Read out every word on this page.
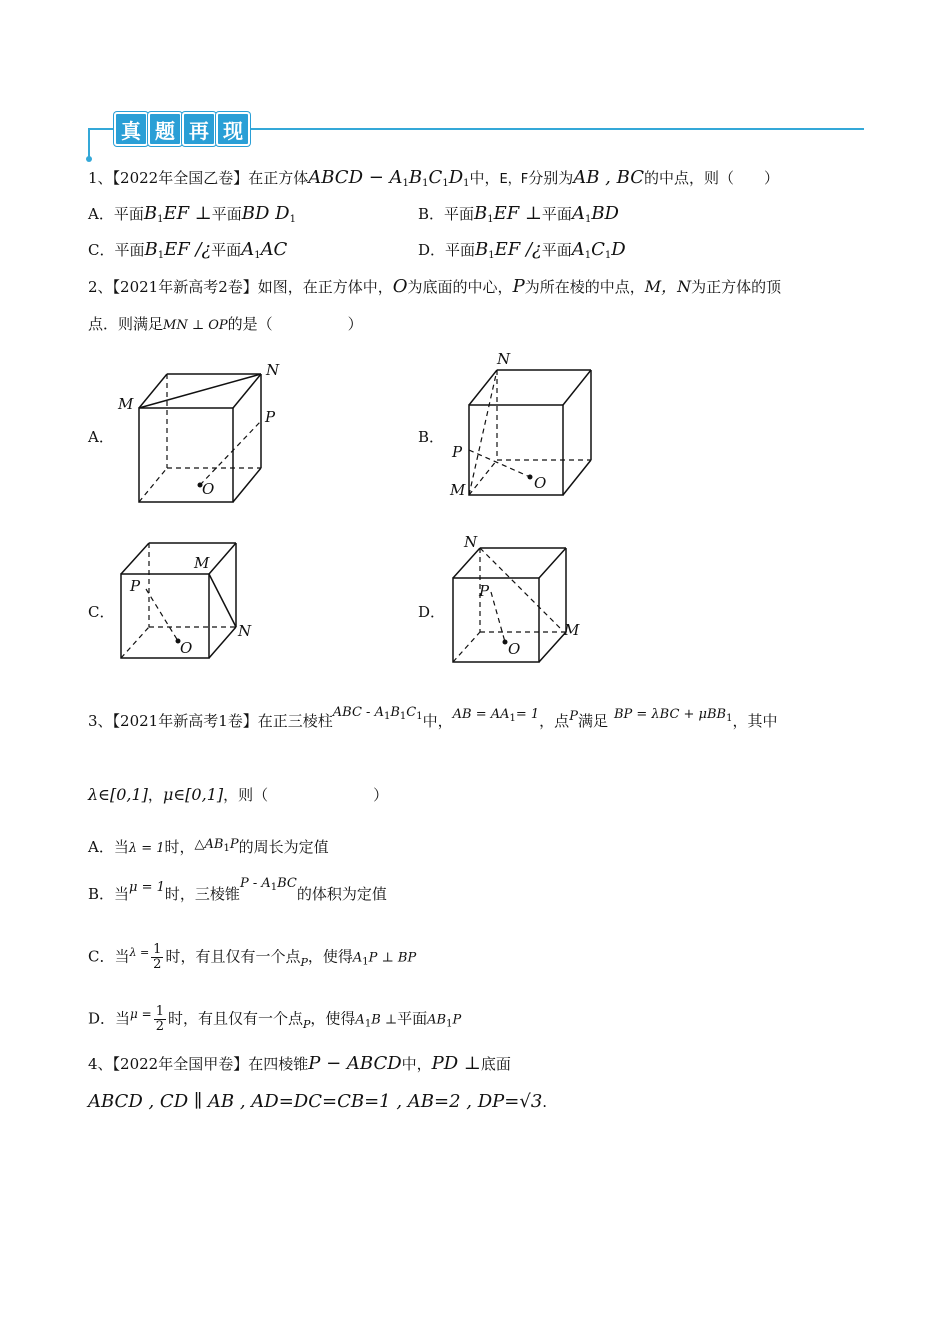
真 题 再 现
1、【2022年全国乙卷】在正方体ABCD − $A_1B_1C_1D_1$中，E，F分别为AB , BC的中点，则（　　）
A．平面$B_1EF$ ⊥平面BD $D_1$	B．平面$B_1EF$ ⊥平面$A_1BD$
C．平面$B_1EF$ /¿平面$A_1AC$	D．平面$B_1EF$ /¿平面$A_1C_1D$
2、【2021年新高考2卷】如图，在正方体中，O为底面的中心，P为所在棱的中点，M，N为正方体的顶
点．则满足MN ⊥ OP的是（　　　　　）
A．
M
N
P
O
B．
M
N
P
O
C．
M
N
P
O
D．
M
N
P
O
3、【2021年新高考1卷】在正三棱柱ABC - $A_1B_1C_1$中，AB = $AA_1= 1$，点P满足 BP = λBC + μBB$_1$，其中
λ∈[0,1]，μ∈[0,1]，则（　　　　　　　）
A．当λ = 1时，$\triangle AB_1P$的周长为定值
B．当μ = 1时，三棱锥P - $A_1BC$的体积为定值
C．当$^{\lambda =} \frac{1}{2}$ 时，有且仅有一个点$_P$，使得$A_1P$ ⊥ BP
D．当$^{\mu =} \frac{1}{2}$ 时，有且仅有一个点$_P$，使得$A_1B$ ⊥平面$AB_1P$
4、【2022年全国甲卷】在四棱锥P − ABCD中，PD ⊥底面
ABCD , CD ∥ AB , AD=DC=CB=1 , AB=2 , DP=√3.
